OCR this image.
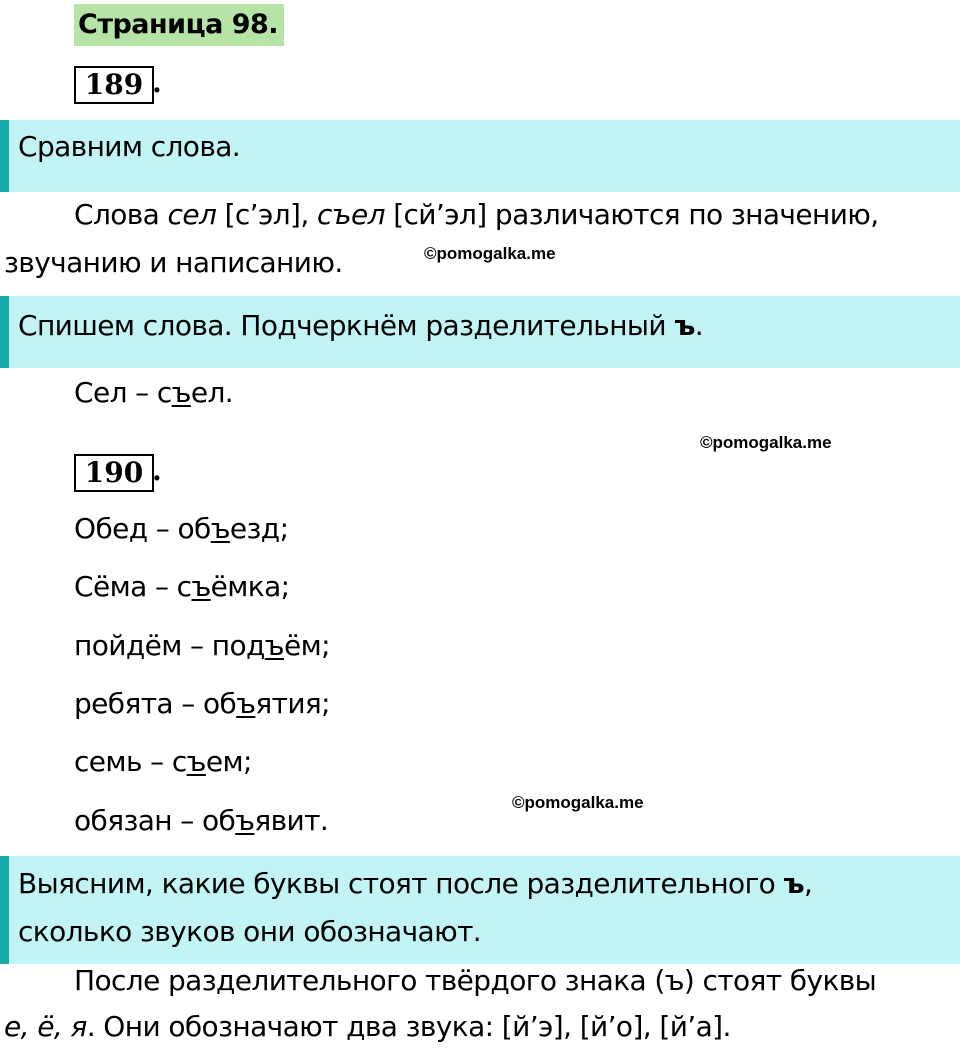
Страница 98.
189 .
Сравним слова.
Слова сел [с’эл], съел [сй’эл] различаются по значению,
звучанию и написанию.	©pomogalka.me
Спишем слова. Подчеркнём разделительный ъ.
Сел – съел.
©pomogalka.me
190 .
Обед – объезд;
Сёма – съёмка;
пойдём – подъём;
ребята – объятия;
семь – съем;
©pomogalka.me
обязан – объявит.
Выясним, какие буквы стоят после разделительного ъ,
сколько звуков они обозначают.
После разделительного твёрдого знака (ъ) стоят буквы
е, ё, я. Они обозначают два звука: [й’э], [й’о], [й’а].
